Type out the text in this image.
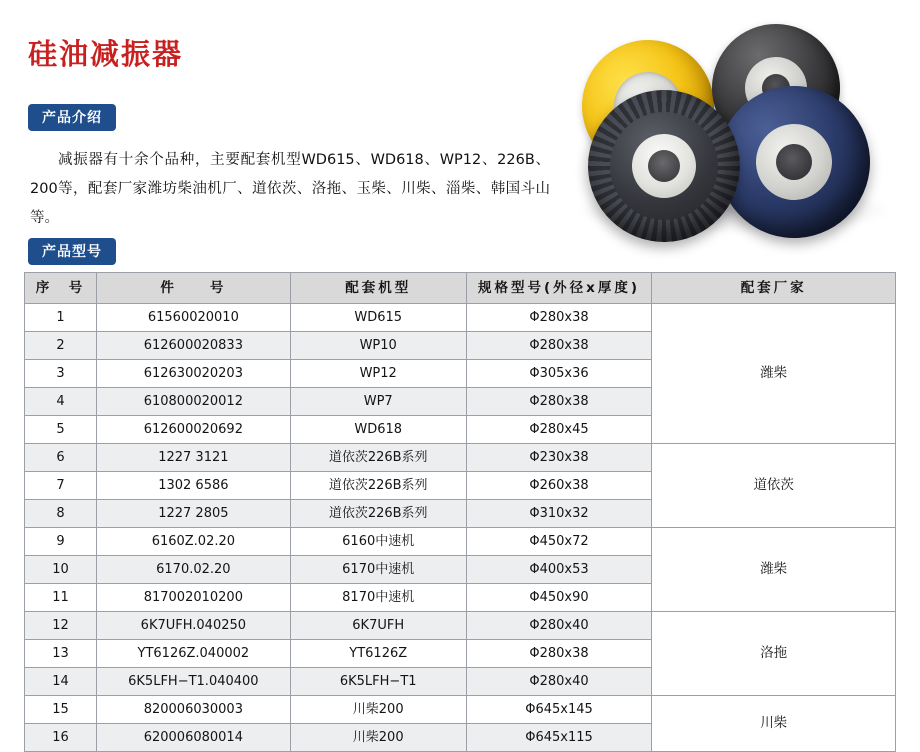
硅油减振器
产品介绍
减振器有十余个品种，主要配套机型WD615、WD618、WP12、226B、200等，配套厂家潍坊柴油机厂、道依茨、洛拖、玉柴、川柴、淄柴、韩国斗山等。
产品型号
序　号	件　　号	配套机型	规格型号(外径x厚度)	配套厂家
1	61560020010	WD615	Φ280x38	潍柴
2	612600020833	WP10	Φ280x38	
3	612630020203	WP12	Φ305x36	
4	610800020012	WP7	Φ280x38	
5	612600020692	WD618	Φ280x45	
6	1227 3121	道依茨226B系列	Φ230x38	道依茨
7	1302 6586	道依茨226B系列	Φ260x38	
8	1227 2805	道依茨226B系列	Φ310x32	
9	6160Z.02.20	6160中速机	Φ450x72	潍柴
10	6170.02.20	6170中速机	Φ400x53	
11	817002010200	8170中速机	Φ450x90	
12	6K7UFH.040250	6K7UFH	Φ280x40	洛拖
13	YT6126Z.040002	YT6126Z	Φ280x38	
14	6K5LFH−T1.040400	6K5LFH−T1	Φ280x40	
15	820006030003	川柴200	Φ645x145	川柴
16	620006080014	川柴200	Φ645x115	
